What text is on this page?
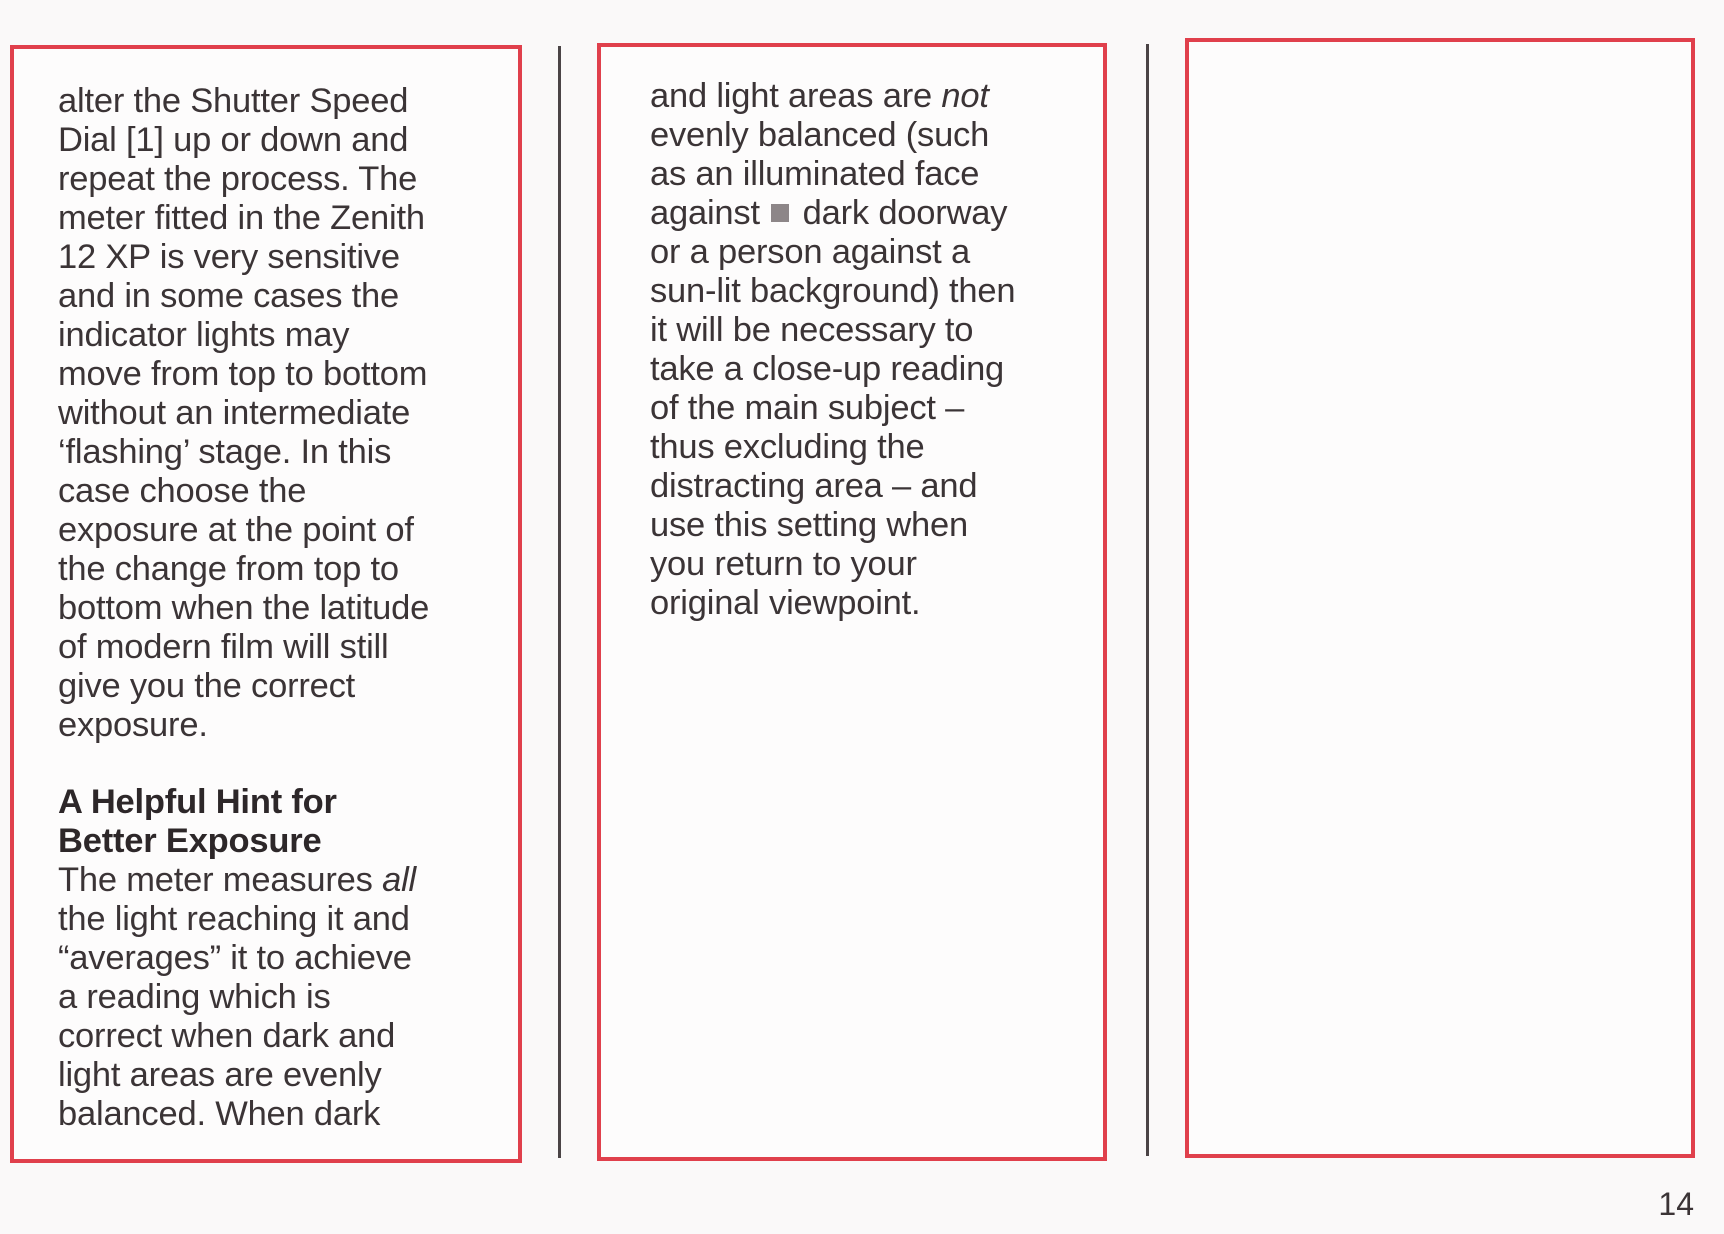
alter the Shutter Speed
Dial [1] up or down and
repeat the process. The
meter fitted in the Zenith
12 XP is very sensitive
and in some cases the
indicator lights may
move from top to bottom
without an intermediate
‘flashing’ stage. In this
case choose the
exposure at the point of
the change from top to
bottom when the latitude
of modern film will still
give you the correct
exposure.

A Helpful Hint for
Better Exposure
The meter measures all
the light reaching it and
“averages” it to achieve
a reading which is
correct when dark and
light areas are evenly
balanced. When dark

and light areas are not
evenly balanced (such
as an illuminated face
against  dark doorway
or a person against a
sun-lit background) then
it will be necessary to
take a close-up reading
of the main subject –
thus excluding the
distracting area – and
use this setting when
you return to your
original viewpoint.

14
